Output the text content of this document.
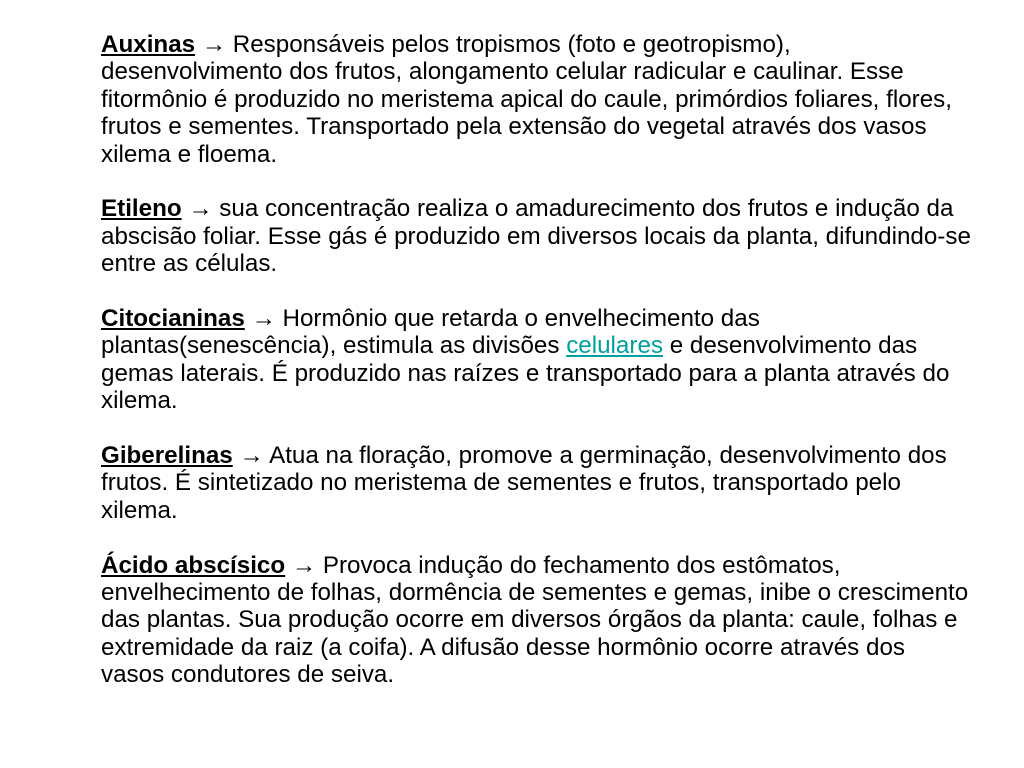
Auxinas → Responsáveis pelos tropismos (foto e geotropismo), desenvolvimento dos frutos, alongamento celular radicular e caulinar. Esse fitormônio é produzido no meristema apical do caule, primórdios foliares, flores, frutos e sementes. Transportado pela extensão do vegetal através dos vasos xilema e floema.

Etileno → sua concentração realiza o amadurecimento dos frutos e indução da abscisão foliar. Esse gás é produzido em diversos locais da planta, difundindo-se entre as células.

Citocianinas → Hormônio que retarda o envelhecimento das plantas(senescência), estimula as divisões celulares e desenvolvimento das gemas laterais. É produzido nas raízes e transportado para a planta através do xilema.

Giberelinas → Atua na floração, promove a germinação, desenvolvimento dos frutos. É sintetizado no meristema de sementes e frutos, transportado pelo xilema.

Ácido abscísico → Provoca indução do fechamento dos estômatos, envelhecimento de folhas, dormência de sementes e gemas, inibe o crescimento das plantas. Sua produção ocorre em diversos órgãos da planta: caule, folhas e extremidade da raiz (a coifa). A difusão desse hormônio ocorre através dos vasos condutores de seiva.
